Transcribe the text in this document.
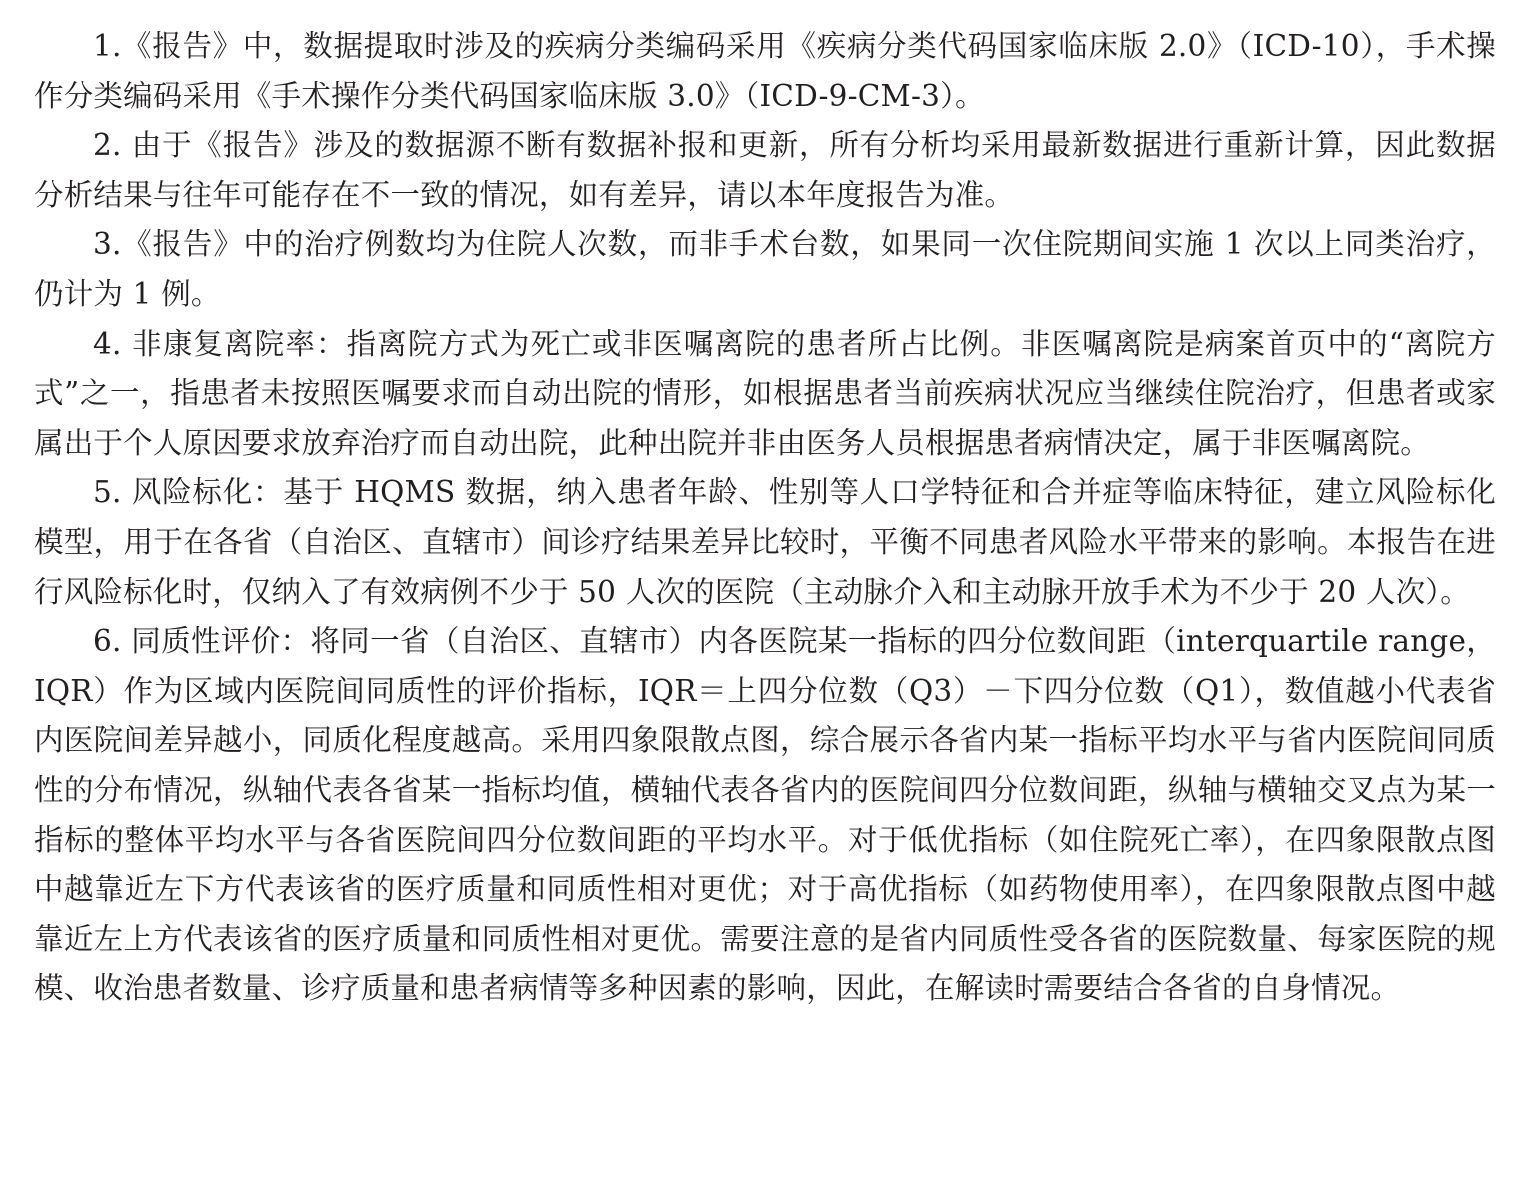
1.《报告》中，数据提取时涉及的疾病分类编码采用《疾病分类代码国家临床版 2.0》（ICD-10），手术操作分类编码采用《手术操作分类代码国家临床版 3.0》（ICD-9-CM-3）。

2. 由于《报告》涉及的数据源不断有数据补报和更新，所有分析均采用最新数据进行重新计算，因此数据分析结果与往年可能存在不一致的情况，如有差异，请以本年度报告为准。

3.《报告》中的治疗例数均为住院人次数，而非手术台数，如果同一次住院期间实施 1 次以上同类治疗，仍计为 1 例。

4. 非康复离院率：指离院方式为死亡或非医嘱离院的患者所占比例。非医嘱离院是病案首页中的“离院方式”之一，指患者未按照医嘱要求而自动出院的情形，如根据患者当前疾病状况应当继续住院治疗，但患者或家属出于个人原因要求放弃治疗而自动出院，此种出院并非由医务人员根据患者病情决定，属于非医嘱离院。

5. 风险标化：基于 HQMS 数据，纳入患者年龄、性别等人口学特征和合并症等临床特征，建立风险标化模型，用于在各省（自治区、直辖市）间诊疗结果差异比较时，平衡不同患者风险水平带来的影响。本报告在进行风险标化时，仅纳入了有效病例不少于 50 人次的医院（主动脉介入和主动脉开放手术为不少于 20 人次）。

6. 同质性评价：将同一省（自治区、直辖市）内各医院某一指标的四分位数间距（interquartile range，IQR）作为区域内医院间同质性的评价指标，IQR＝上四分位数（Q3）－下四分位数（Q1），数值越小代表省内医院间差异越小，同质化程度越高。采用四象限散点图，综合展示各省内某一指标平均水平与省内医院间同质性的分布情况，纵轴代表各省某一指标均值，横轴代表各省内的医院间四分位数间距，纵轴与横轴交叉点为某一指标的整体平均水平与各省医院间四分位数间距的平均水平。对于低优指标（如住院死亡率），在四象限散点图中越靠近左下方代表该省的医疗质量和同质性相对更优；对于高优指标（如药物使用率），在四象限散点图中越靠近左上方代表该省的医疗质量和同质性相对更优。需要注意的是省内同质性受各省的医院数量、每家医院的规模、收治患者数量、诊疗质量和患者病情等多种因素的影响，因此，在解读时需要结合各省的自身情况。
